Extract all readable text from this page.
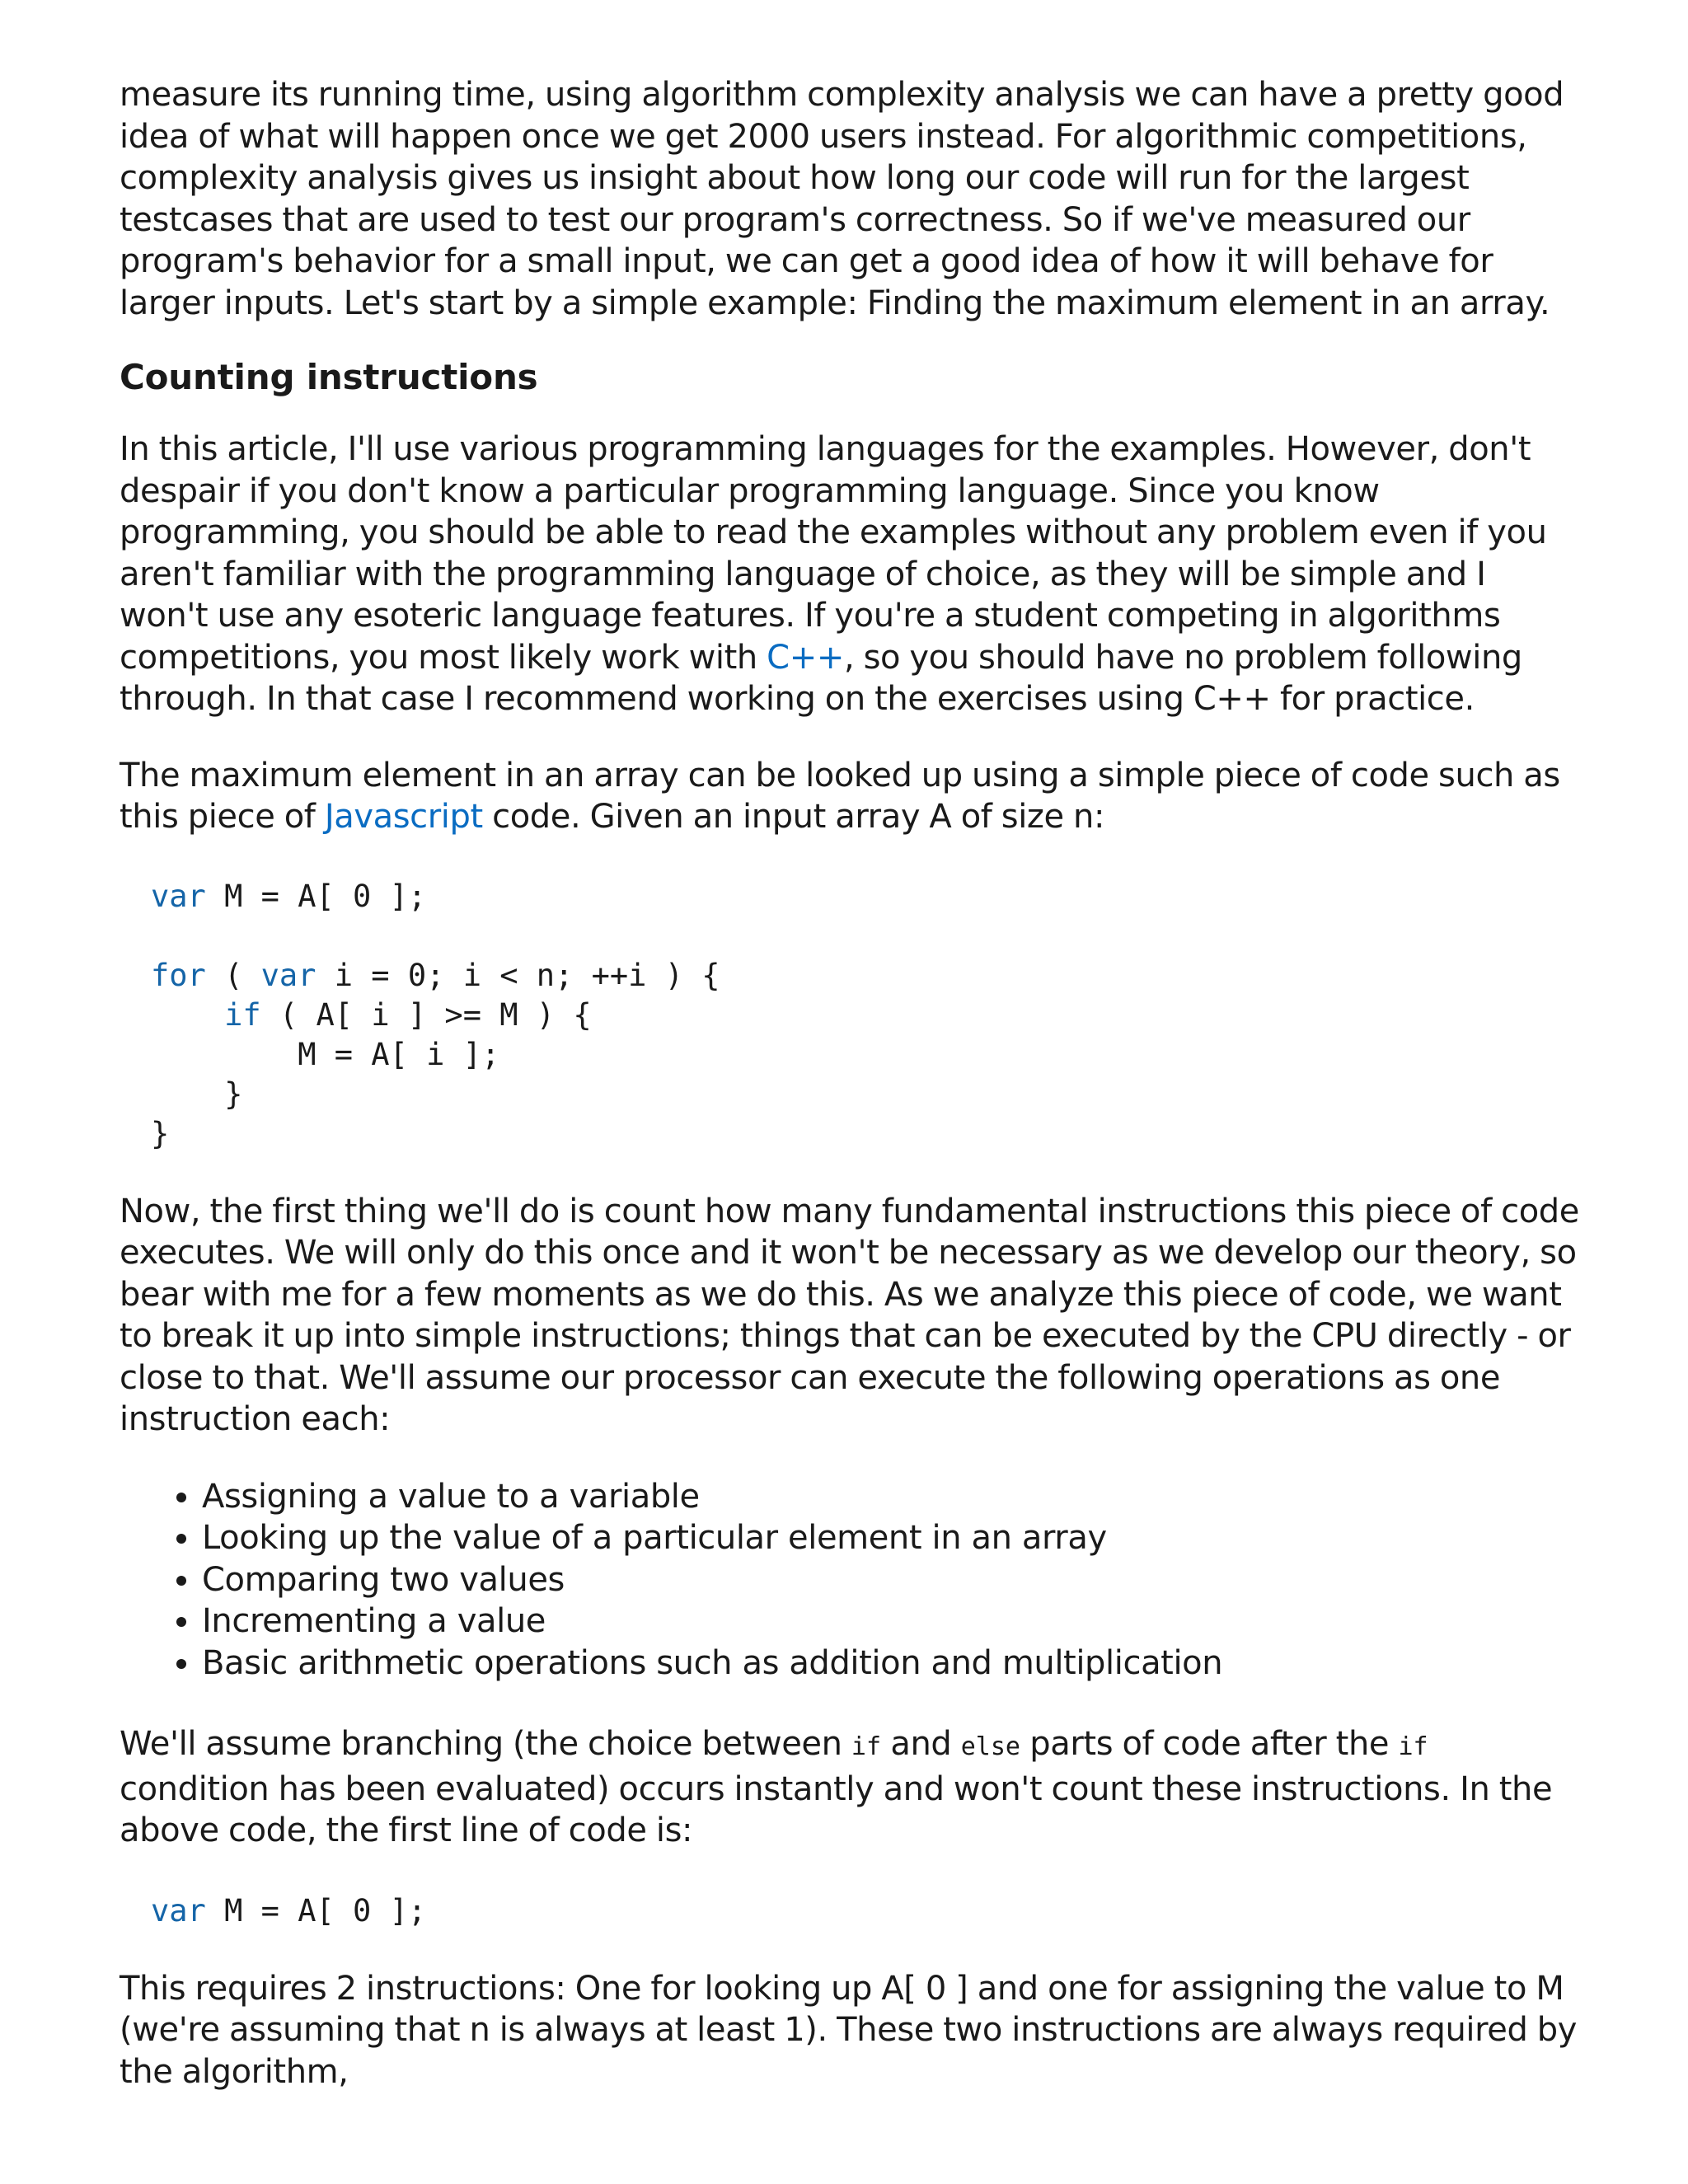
measure its running time, using algorithm complexity analysis we can have a pretty good idea of what will happen once we get 2000 users instead. For algorithmic competitions, complexity analysis gives us insight about how long our code will run for the largest testcases that are used to test our program's correctness. So if we've measured our program's behavior for a small input, we can get a good idea of how it will behave for larger inputs. Let's start by a simple example: Finding the maximum element in an array.

Counting instructions

In this article, I'll use various programming languages for the examples. However, don't despair if you don't know a particular programming language. Since you know programming, you should be able to read the examples without any problem even if you aren't familiar with the programming language of choice, as they will be simple and I won't use any esoteric language features. If you're a student competing in algorithms competitions, you most likely work with C++, so you should have no problem following through. In that case I recommend working on the exercises using C++ for practice.

The maximum element in an array can be looked up using a simple piece of code such as this piece of Javascript code. Given an input array A of size n:

var M = A[ 0 ];

for ( var i = 0; i < n; ++i ) {
if ( A[ i ] >= M ) {
M = A[ i ];
}
}

Now, the first thing we'll do is count how many fundamental instructions this piece of code executes. We will only do this once and it won't be necessary as we develop our theory, so bear with me for a few moments as we do this. As we analyze this piece of code, we want to break it up into simple instructions; things that can be executed by the CPU directly - or close to that. We'll assume our processor can execute the following operations as one instruction each:

• Assigning a value to a variable
• Looking up the value of a particular element in an array
• Comparing two values
• Incrementing a value
• Basic arithmetic operations such as addition and multiplication

We'll assume branching (the choice between if and else parts of code after the if condition has been evaluated) occurs instantly and won't count these instructions. In the above code, the first line of code is:

var M = A[ 0 ];

This requires 2 instructions: One for looking up A[ 0 ] and one for assigning the value to M (we're assuming that n is always at least 1). These two instructions are always required by the algorithm,
